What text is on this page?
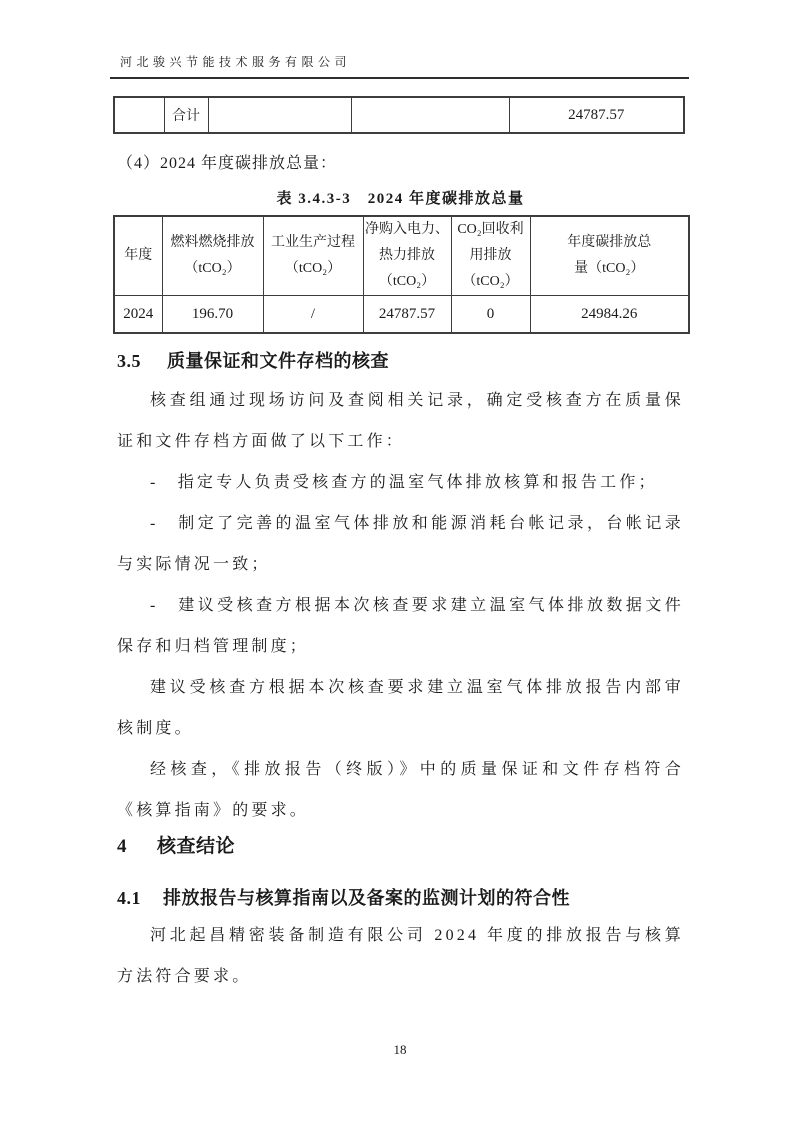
河北骏兴节能技术服务有限公司
	合计			24787.57

（4）2024 年度碳排放总量：

表 3.4.3-3　2024 年度碳排放总量

年度	燃料燃烧排放（tCO₂）	工业生产过程（tCO₂）	净购入电力、热力排放（tCO₂）	CO₂回收利用排放（tCO₂）	年度碳排放总量（tCO₂）
2024	196.70	/	24787.57	0	24984.26
3.5 质量保证和文件存档的核查

核查组通过现场访问及查阅相关记录，确定受核查方在质量保证和文件存档方面做了以下工作：

-　指定专人负责受核查方的温室气体排放核算和报告工作；

-　制定了完善的温室气体排放和能源消耗台帐记录，台帐记录与实际情况一致；

-　建议受核查方根据本次核查要求建立温室气体排放数据文件保存和归档管理制度；

建议受核查方根据本次核查要求建立温室气体排放报告内部审核制度。

经核查，《排放报告（终版）》中的质量保证和文件存档符合《核算指南》的要求。

4 核查结论
4.1 排放报告与核算指南以及备案的监测计划的符合性

河北起昌精密装备制造有限公司 2024 年度的排放报告与核算方法符合要求。

18
